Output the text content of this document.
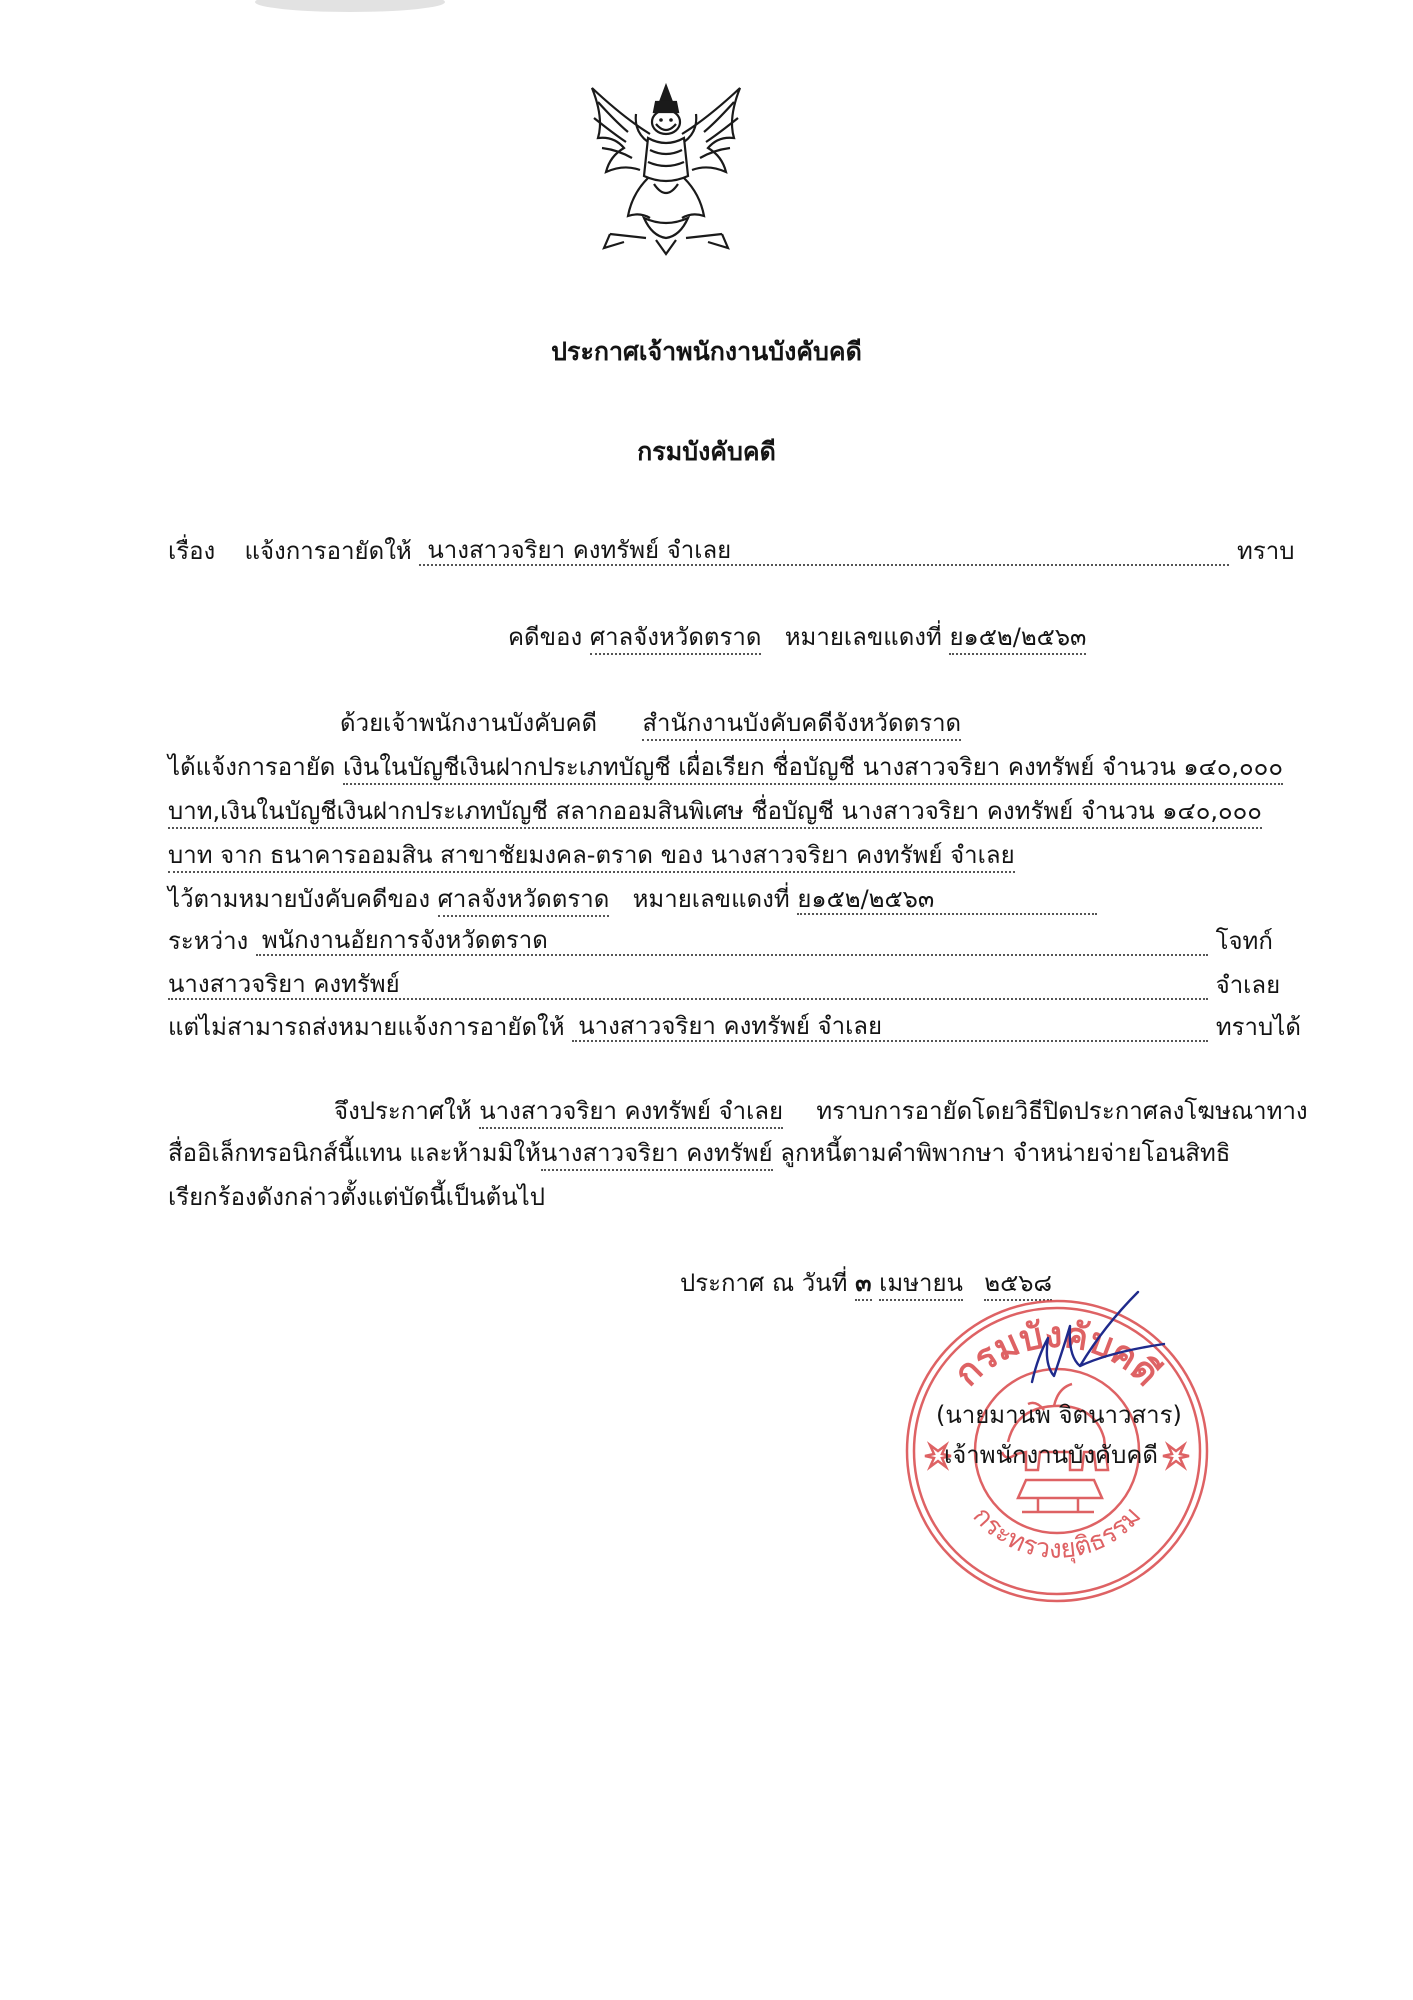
ประกาศเจ้าพนักงานบังคับคดี
กรมบังคับคดี
เรื่อง แจ้งการอายัดให้ นางสาวจริยา คงทรัพย์ จำเลย	ทราบ
คดีของ ศาลจังหวัดตราด หมายเลขแดงที่ ย๑๕๒/๒๕๖๓
ด้วยเจ้าพนักงานบังคับคดี สำนักงานบังคับคดีจังหวัดตราด
ได้แจ้งการอายัด เงินในบัญชีเงินฝากประเภทบัญชี เผื่อเรียก ชื่อบัญชี นางสาวจริยา คงทรัพย์ จำนวน ๑๔๐,๐๐๐
บาท,เงินในบัญชีเงินฝากประเภทบัญชี สลากออมสินพิเศษ ชื่อบัญชี นางสาวจริยา คงทรัพย์ จำนวน ๑๔๐,๐๐๐
บาท จาก ธนาคารออมสิน สาขาชัยมงคล-ตราด ของ นางสาวจริยา คงทรัพย์ จำเลย
ไว้ตามหมายบังคับคดีของ ศาลจังหวัดตราด หมายเลขแดงที่ ย๑๕๒/๒๕๖๓
ระหว่าง พนักงานอัยการจังหวัดตราด	โจทก์
นางสาวจริยา คงทรัพย์	จำเลย
แต่ไม่สามารถส่งหมายแจ้งการอายัดให้ นางสาวจริยา คงทรัพย์ จำเลย	ทราบได้
จึงประกาศให้ นางสาวจริยา คงทรัพย์ จำเลย ทราบการอายัดโดยวิธีปิดประกาศลงโฆษณาทาง
สื่ออิเล็กทรอนิกส์นี้แทน และห้ามมิให้นางสาวจริยา คงทรัพย์ ลูกหนี้ตามคำพิพากษา จำหน่ายจ่ายโอนสิทธิ
เรียกร้องดังกล่าวตั้งแต่บัดนี้เป็นต้นไป
ประกาศ ณ วันที่ ๓ เมษายน ๒๕๖๘
กรมบังคับคดี
กระทรวงยุติธรรม
(นายมานพ จิตนาวสาร)
เจ้าพนักงานบังคับคดี
